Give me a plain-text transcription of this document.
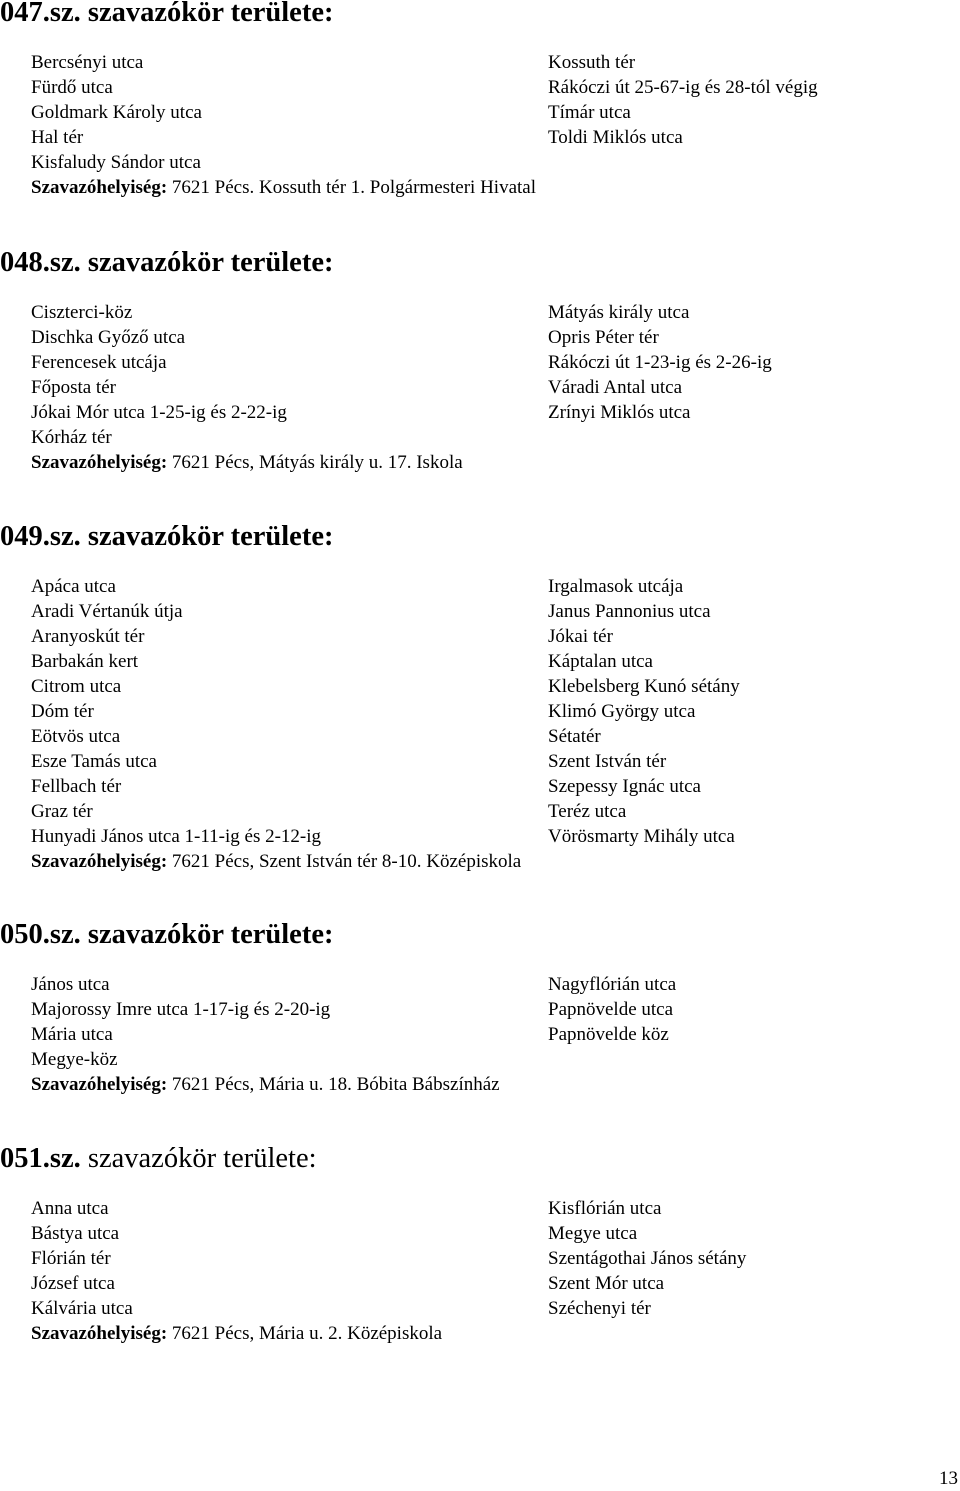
047.sz. szavazókör területe:
Bercsényi utca
Fürdő utca
Goldmark Károly utca
Hal tér
Kisfaludy Sándor utca
Szavazóhelyiség: 7621 Pécs. Kossuth tér 1. Polgármesteri Hivatal
Kossuth tér
Rákóczi út 25-67-ig és 28-tól végig
Tímár utca
Toldi Miklós utca
048.sz. szavazókör területe:
Ciszterci-köz
Dischka Győző utca
Ferencesek utcája
Főposta tér
Jókai Mór utca 1-25-ig és 2-22-ig
Kórház tér
Szavazóhelyiség: 7621 Pécs, Mátyás király u. 17. Iskola
Mátyás király utca
Opris Péter tér
Rákóczi út 1-23-ig és 2-26-ig
Váradi Antal utca
Zrínyi Miklós utca
049.sz. szavazókör területe:
Apáca utca
Aradi Vértanúk útja
Aranyoskút tér
Barbakán kert
Citrom utca
Dóm tér
Eötvös utca
Esze Tamás utca
Fellbach tér
Graz tér
Hunyadi János utca 1-11-ig és 2-12-ig
Szavazóhelyiség: 7621 Pécs, Szent István tér 8-10. Középiskola
Irgalmasok utcája
Janus Pannonius utca
Jókai tér
Káptalan utca
Klebelsberg Kunó sétány
Klimó György utca
Sétatér
Szent István tér
Szepessy Ignác utca
Teréz utca
Vörösmarty Mihály utca
050.sz. szavazókör területe:
János utca
Majorossy Imre utca 1-17-ig és 2-20-ig
Mária utca
Megye-köz
Szavazóhelyiség: 7621 Pécs, Mária u. 18. Bóbita Bábszínház
Nagyflórián utca
Papnövelde utca
Papnövelde köz
051.sz. szavazókör területe:
Anna utca
Bástya utca
Flórián tér
József utca
Kálvária utca
Szavazóhelyiség: 7621 Pécs, Mária u. 2. Középiskola
Kisflórián utca
Megye utca
Szentágothai János sétány
Szent Mór utca
Széchenyi tér
13
